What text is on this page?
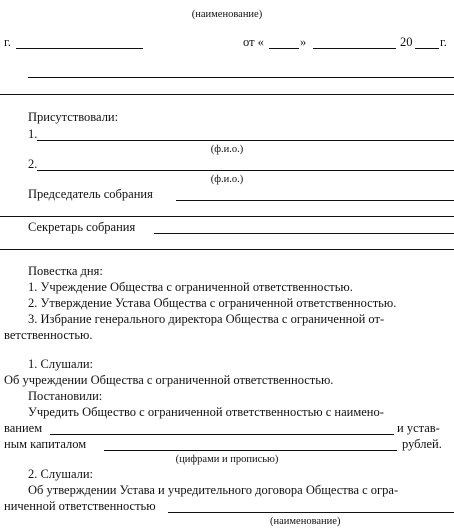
(наименование)
г.	от «	»	20 г.
Присутствовали:
1.
(ф.и.о.)
2.
(ф.и.о.)
Председатель собрания
Секретарь собрания
Повестка дня:
1. Учреждение Общества с ограниченной ответственностью.
2. Утверждение Устава Общества с ограниченной ответственностью.
3. Избрание генерального директора Общества с ограниченной от-
ветственностью.
1. Слушали:
Об учреждении Общества с ограниченной ответственностью.
Постановили:
Учредить Общество с ограниченной ответственностью с наимено-
ванием	и устав-
ным капиталом	рублей.
(цифрами и прописью)
2. Слушали:
Об утверждении Устава и учредительного договора Общества с огра-
ниченной ответственностью
(наименование)
